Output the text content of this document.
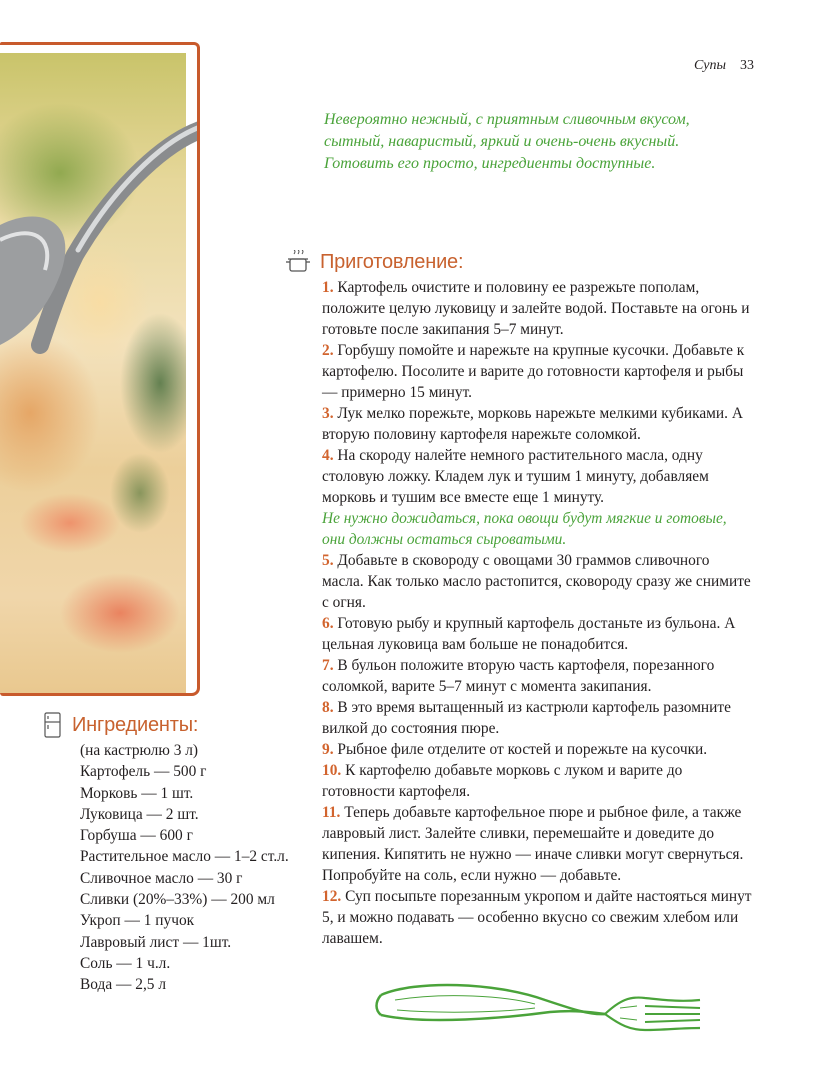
Супы 33
Невероятно нежный, с приятным сливочным вкусом,
сытный, наваристый, яркий и очень-очень вкусный.
Готовить его просто, ингредиенты доступные.
Приготовление:

1. Картофель очистите и половину ее разрежьте пополам, положите целую луковицу и залейте водой. Поставьте на огонь и готовьте после закипания 5–7 минут.

2. Горбушу помойте и нарежьте на крупные кусочки. Добавьте к картофелю. Посолите и варите до готовности картофеля и рыбы — примерно 15 минут.

3. Лук мелко порежьте, морковь нарежьте мелкими кубиками. А вторую половину картофеля нарежьте соломкой.

4. На скороду налейте немного растительного масла, одну столовую ложку. Кладем лук и тушим 1 минуту, добавляем морковь и тушим все вместе еще 1 минуту.

Не нужно дожидаться, пока овощи будут мягкие и готовые, они должны остаться сыроватыми.

5. Добавьте в сковороду с овощами 30 граммов сливочного масла. Как только масло растопится, сковороду сразу же снимите с огня.

6. Готовую рыбу и крупный картофель достаньте из бульона. А цельная луковица вам больше не понадобится.

7. В бульон положите вторую часть картофеля, порезанного соломкой, варите 5–7 минут с момента закипания.

8. В это время вытащенный из кастрюли картофель разомните вилкой до состояния пюре.

9. Рыбное филе отделите от костей и порежьте на кусочки.

10. К картофелю добавьте морковь с луком и варите до готовности картофеля.

11. Теперь добавьте картофельное пюре и рыбное филе, а также лавровый лист. Залейте сливки, перемешайте и доведите до кипения. Кипятить не нужно — иначе сливки могут свернуться. Попробуйте на соль, если нужно — добавьте.

12. Суп посыпьте порезанным укропом и дайте настояться минут 5, и можно подавать — особенно вкусно со свежим хлебом или лавашем.

Ингредиенты:

(на кастрюлю 3 л)

Картофель — 500 г

Морковь — 1 шт.

Луковица — 2 шт.

Горбуша — 600 г

Растительное масло — 1–2 ст.л.

Сливочное масло — 30 г

Сливки (20%–33%) — 200 мл

Укроп — 1 пучок

Лавровый лист — 1шт.

Соль — 1 ч.л.

Вода — 2,5 л
